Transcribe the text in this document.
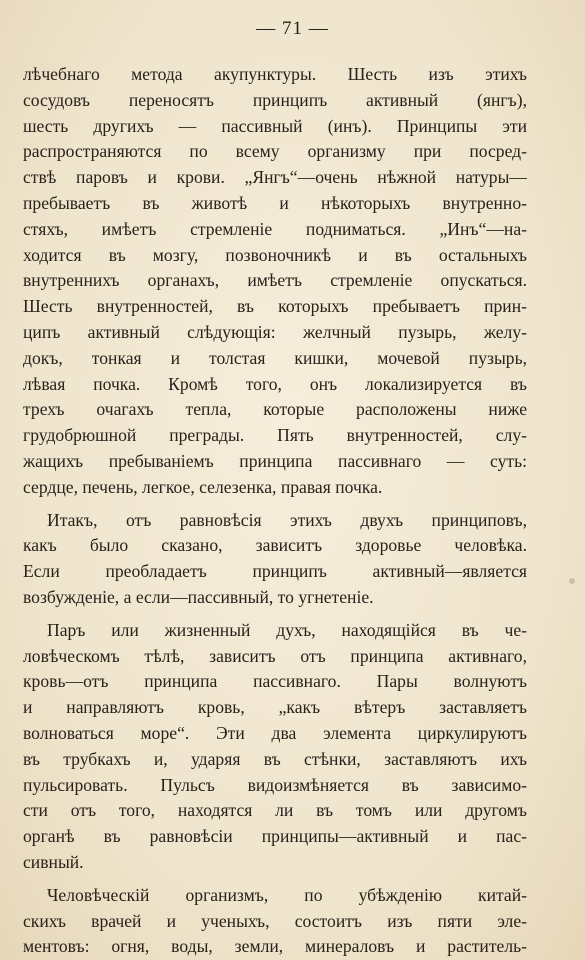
— 71 —
лѣчебнаго метода акупунктуры. Шесть изъ этихъ
сосудовъ переносятъ принципъ активный (янгъ),
шесть другихъ — пассивный (инъ). Принципы эти
распространяются по всему организму при посред-
ствѣ паровъ и крови. „Янгъ“—очень нѣжной натуры—
пребываетъ въ животѣ и нѣкоторыхъ внутренно-
стяхъ, имѣетъ стремленіе подниматься. „Инъ“—на-
ходится въ мозгу, позвоночникѣ и въ остальныхъ
внутреннихъ органахъ, имѣетъ стремленіе опускаться.
Шесть внутренностей, въ которыхъ пребываетъ прин-
ципъ активный слѣдующія: желчный пузырь, желу-
докъ, тонкая и толстая кишки, мочевой пузырь,
лѣвая почка. Кромѣ того, онъ локализируется въ
трехъ очагахъ тепла, которые расположены ниже
грудобрюшной преграды. Пять внутренностей, слу-
жащихъ пребываніемъ принципа пассивнаго — суть:
сердце, печень, легкое, селезенка, правая почка.
Итакъ, отъ равновѣсія этихъ двухъ принциповъ,
какъ было сказано, зависитъ здоровье человѣка.
Если преобладаетъ принципъ активный—является
возбужденіе, а если—пассивный, то угнетеніе.
Паръ или жизненный духъ, находящійся въ че-
ловѣческомъ тѣлѣ, зависитъ отъ принципа активнаго,
кровь—отъ принципа пассивнаго. Пары волнуютъ
и направляютъ кровь, „какъ вѣтеръ заставляетъ
волноваться море“. Эти два элемента циркулируютъ
въ трубкахъ и, ударяя въ стѣнки, заставляютъ ихъ
пульсировать. Пульсъ видоизмѣняется въ зависимо-
сти отъ того, находятся ли въ томъ или другомъ
органѣ въ равновѣсіи принципы—активный и пас-
сивный.
Человѣческій организмъ, по убѣжденію китай-
скихъ врачей и ученыхъ, состоитъ изъ пяти эле-
ментовъ: огня, воды, земли, минераловъ и раститель-
